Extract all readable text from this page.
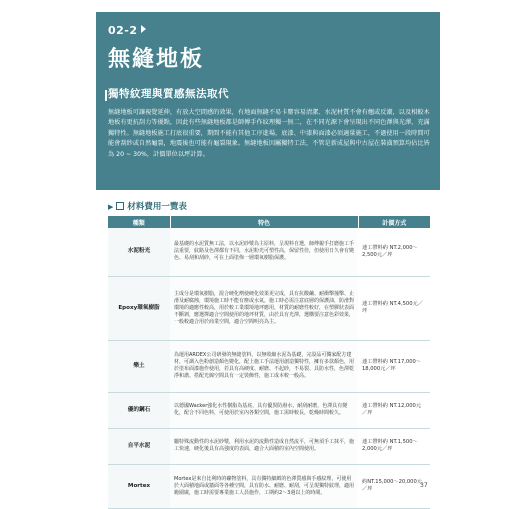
02-2
無縫地板
獨特紋理與質感無法取代
無縫地板可讓視覺延伸，有放大空間感的效果，有地面無縫不易卡塵容易清潔、水泥材質不會有翹或反潮，以及相較木地板有更抗刮力等優點，因此有些無縫地板都是師傅手作紋理獨一無二，在不同光源下會呈現出不同色澤與光澤，充滿獨特性。無縫地板施工打底很重要，期間不能有其他工序進場，底漆、中漆與面漆必須適量施工，不過使用一段時間可能會刮紗或自然龜裂，地震後也可能有龜裂現象。無縫地板因屬獨特工法，不管是新成屋與中古屋在裝潢預算均佔比皆為 20 ~ 30%，計價單位以坪計算。
▶ 材料費用一覽表
種類	特色	計價方式
水泥粉光	最基礎的水泥質無工法，以水泥砂漿為主原料，呈現料自選，師傅親手打磨施工手法重要，紋路及色澤都有不同，水泥粉光可塑性高，保留性佳，但使用日久會有變色、易刮和刮砂，可在上面塗佈一層環氧樹脂保護。	連工帶料約 NT.2,000～2,500元／坪
Epoxy環氧樹脂	主成分是環氧樹脂，混合硬化劑使硬化效果更完成，具有抗酸鹼、耐衝擊撞擊、止滑及耐腐蝕，環境施工時不能有塵或水氣，施工時必需注意底層的保護油，防滑對環境的適應性較高，用於較工業環境地坪應用，材質的耐磨性較好，在塑膠狀表面不斷剝，應選擇適合空間使用的地坪材質，由於具有光澤，選購要注意色彩效果，一般較適合用於商業空間，適合空間明亮為主。	連工帶料約 NT.4,500元／坪
樂土	為運用ARDEX公司研發的無縫塗料，以無收縮水泥為基礎，完設品可獨家配方建材，可調入色粉創造顏色變化，配上施工手法運用創造獨特性，擁有多款顏色，用於塗布面漆施作使用，若具有高硬度、耐磨、不起砂，不易裂、具防水性，色澤乾淨和諧、搭配光線空間具有一定裝飾性，施工成本較一般高。	連工帶料約 NT.17,000～18,000元／坪
優的鋼石	以德國Wacker強化水性樹脂為基底，具有優異防潑水，耐刮耐磨，色澤具有變化，配合不同色料，可使用於室內各類空間，施工需時較長，乾燥時間較久。	連工帶料約 NT.12,000元／坪
自平水泥	屬特殊流動性的水泥砂漿，利用水泥的流動性造成自然流平，可無須手工抹平，施工快速，硬化後具有高強度的表面，適合大面積的室內空間使用。	連工帶料約 NT.1,500～2,000元／坪
Mortex	Mortex是來自比利時的礦物塗料，具有獨特細緻的色澤質感與手感紋理，可使用於大面積地面或牆面等各種空間，具有防水、耐磨、耐刮，可呈現獨特紋理，適用範圍廣，施工時需要專業施工人員施作，工期約2～3週以上的時間。	約NT.15,000～20,000元／坪	37
